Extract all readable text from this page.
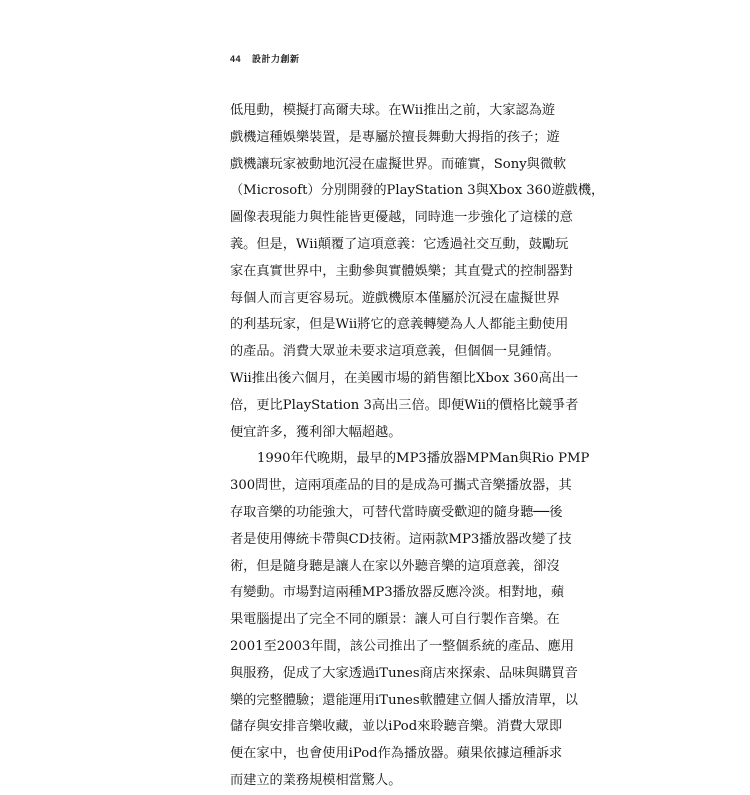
44 設計力創新
低甩動，模擬打高爾夫球。在Wii推出之前，大家認為遊
戲機這種娛樂裝置，是專屬於擅長舞動大拇指的孩子；遊
戲機讓玩家被動地沉浸在虛擬世界。而確實，Sony與微軟
（Microsoft）分別開發的PlayStation 3與Xbox 360遊戲機，
圖像表現能力與性能皆更優越，同時進一步強化了這樣的意
義。但是，Wii顛覆了這項意義：它透過社交互動，鼓勵玩
家在真實世界中，主動參與實體娛樂；其直覺式的控制器對
每個人而言更容易玩。遊戲機原本僅屬於沉浸在虛擬世界
的利基玩家，但是Wii將它的意義轉變為人人都能主動使用
的產品。消費大眾並未要求這項意義，但個個一見鍾情。
Wii推出後六個月，在美國市場的銷售額比Xbox 360高出一
倍，更比PlayStation 3高出三倍。即便Wii的價格比競爭者
便宜許多，獲利卻大幅超越。
1990年代晚期，最早的MP3播放器MPMan與Rio PMP
300問世，這兩項產品的目的是成為可攜式音樂播放器，其
存取音樂的功能強大，可替代當時廣受歡迎的隨身聽──後
者是使用傳統卡帶與CD技術。這兩款MP3播放器改變了技
術，但是隨身聽是讓人在家以外聽音樂的這項意義，卻沒
有變動。市場對這兩種MP3播放器反應冷淡。相對地，蘋
果電腦提出了完全不同的願景：讓人可自行製作音樂。在
2001至2003年間，該公司推出了一整個系統的產品、應用
與服務，促成了大家透過iTunes商店來探索、品味與購買音
樂的完整體驗；還能運用iTunes軟體建立個人播放清單，以
儲存與安排音樂收藏，並以iPod來聆聽音樂。消費大眾即
便在家中，也會使用iPod作為播放器。蘋果依據這種訴求
而建立的業務規模相當驚人。
